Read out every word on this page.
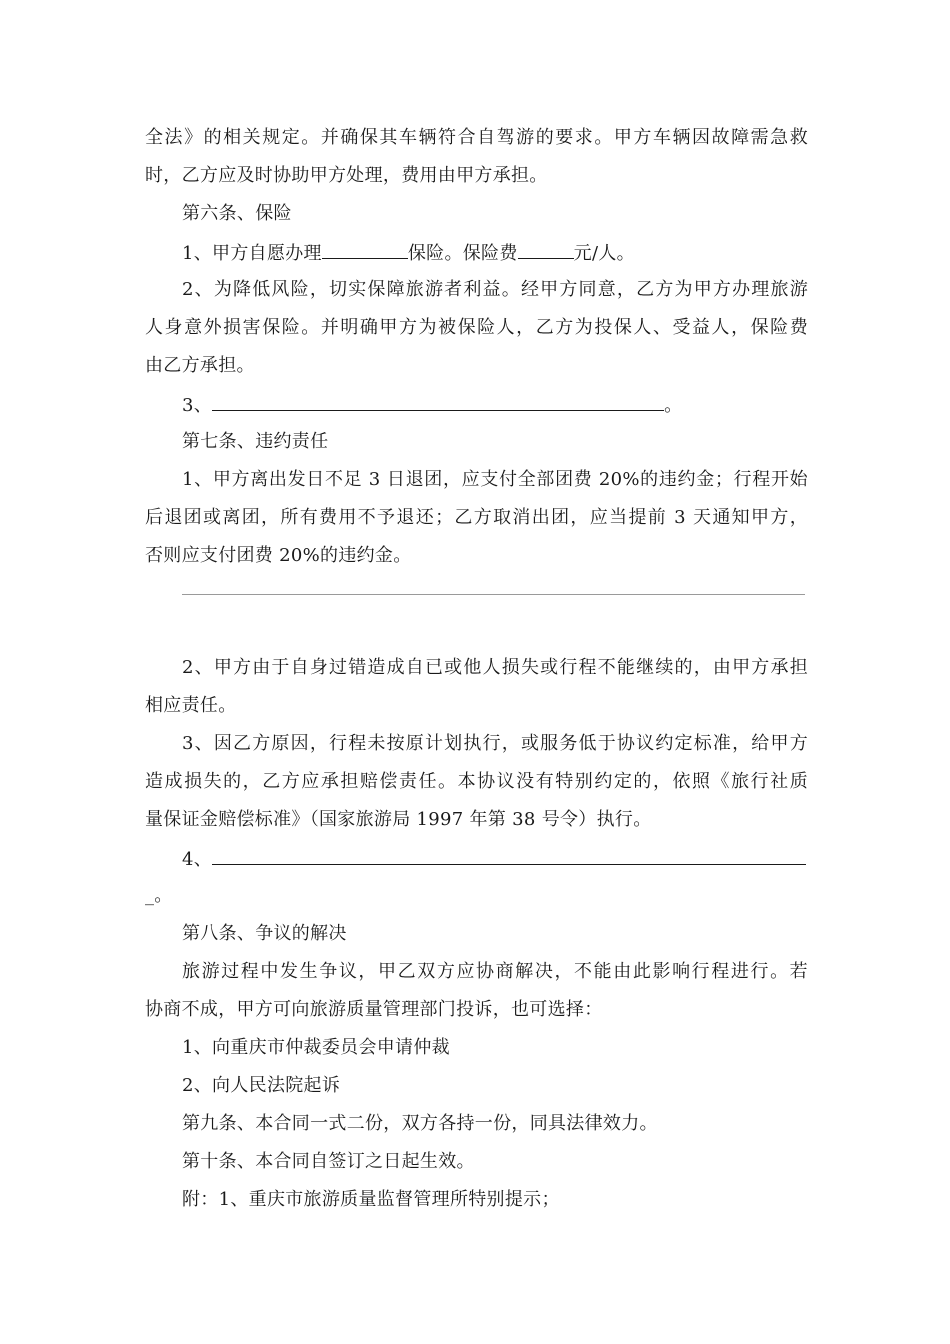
全法》的相关规定。并确保其车辆符合自驾游的要求。甲方车辆因故障需急救
时，乙方应及时协助甲方处理，费用由甲方承担。
第六条、保险
1、甲方自愿办理	保险。保险费	元/人。
2、为降低风险，切实保障旅游者利益。经甲方同意，乙方为甲方办理旅游
人身意外损害保险。并明确甲方为被保险人，乙方为投保人、受益人，保险费
由乙方承担。
3、	。
第七条、违约责任
1、甲方离出发日不足 3 日退团，应支付全部团费 20%的违约金；行程开始
后退团或离团，所有费用不予退还；乙方取消出团，应当提前 3 天通知甲方，
否则应支付团费 20%的违约金。
2、甲方由于自身过错造成自已或他人损失或行程不能继续的，由甲方承担
相应责任。
3、因乙方原因，行程未按原计划执行，或服务低于协议约定标准，给甲方
造成损失的，乙方应承担赔偿责任。本协议没有特别约定的，依照《旅行社质
量保证金赔偿标准》（国家旅游局 1997 年第 38 号令）执行。
4、
_。
第八条、争议的解决
旅游过程中发生争议，甲乙双方应协商解决，不能由此影响行程进行。若
协商不成，甲方可向旅游质量管理部门投诉，也可选择：
1、向重庆市仲裁委员会申请仲裁
2、向人民法院起诉
第九条、本合同一式二份，双方各持一份，同具法律效力。
第十条、本合同自签订之日起生效。
附：1、重庆市旅游质量监督管理所特别提示；
